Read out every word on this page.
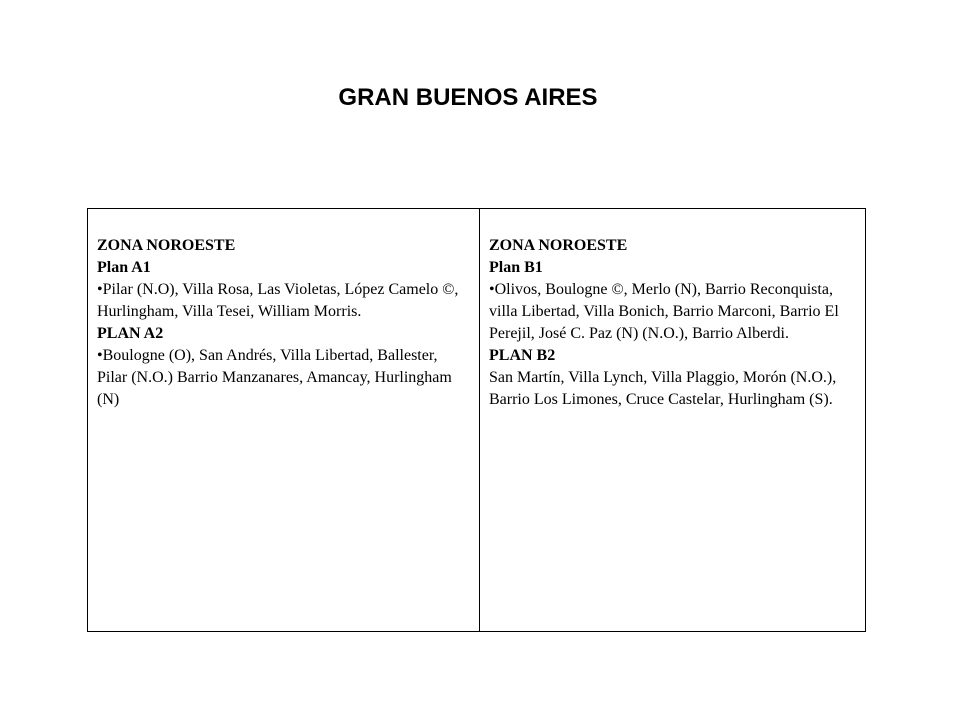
GRAN BUENOS AIRES
ZONA NOROESTE
Plan A1
•Pilar (N.O), Villa Rosa, Las Violetas, López Camelo ©, Hurlingham, Villa Tesei, William Morris.
PLAN A2
•Boulogne (O), San Andrés, Villa Libertad, Ballester, Pilar (N.O.) Barrio Manzanares, Amancay, Hurlingham (N)
ZONA NOROESTE
Plan B1
•Olivos, Boulogne ©, Merlo (N), Barrio Reconquista, villa Libertad, Villa Bonich, Barrio Marconi, Barrio El Perejil, José C. Paz (N) (N.O.), Barrio Alberdi.
PLAN B2
San Martín, Villa Lynch, Villa Plaggio, Morón (N.O.), Barrio Los Limones, Cruce Castelar, Hurlingham (S).
